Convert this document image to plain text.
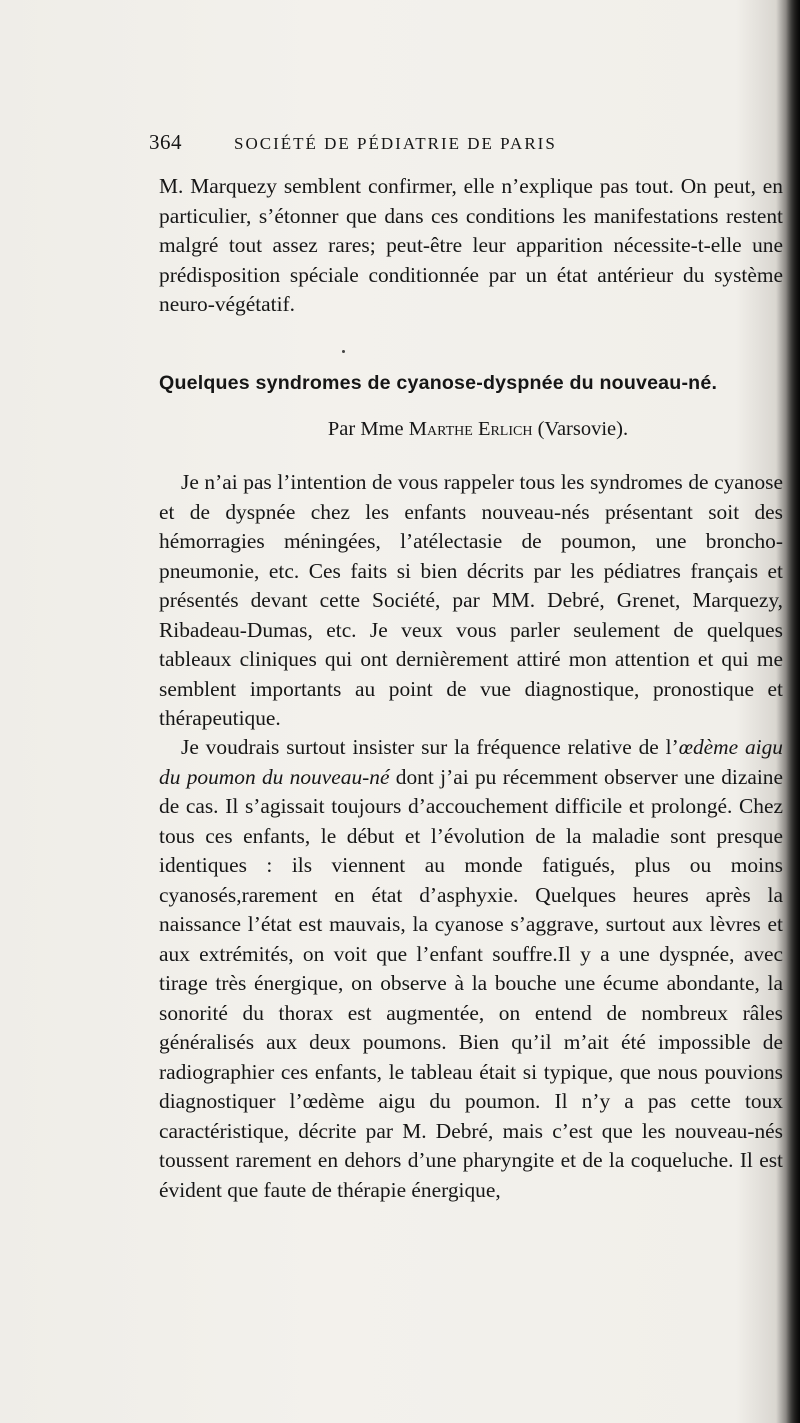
364	SOCIÉTÉ DE PÉDIATRIE DE PARIS

M. Marquezy semblent confirmer, elle n’explique pas tout. On peut, en particulier, s’étonner que dans ces conditions les manifestations restent malgré tout assez rares; peut-être leur apparition nécessite-t-elle une prédisposition spéciale conditionnée par un état antérieur du système neuro-végétatif.

Quelques syndromes de cyanose-dyspnée du nouveau-né.
Par Mme Marthe Erlich (Varsovie).

Je n’ai pas l’intention de vous rappeler tous les syndromes de cyanose et de dyspnée chez les enfants nouveau-nés présentant soit des hémorragies méningées, l’atélectasie de poumon, une broncho-pneumonie, etc. Ces faits si bien décrits par les pédiatres français et présentés devant cette Société, par MM. Debré, Grenet, Marquezy, Ribadeau-Dumas, etc. Je veux vous parler seulement de quelques tableaux cliniques qui ont dernièrement attiré mon attention et qui me semblent importants au point de vue diagnostique, pronostique et thérapeutique.

Je voudrais surtout insister sur la fréquence relative de l’œdème aigu du poumon du nouveau-né dont j’ai pu récemment observer une dizaine de cas. Il s’agissait toujours d’accouchement difficile et prolongé. Chez tous ces enfants, le début et l’évolution de la maladie sont presque identiques : ils viennent au monde fatigués, plus ou moins cyanosés,rarement en état d’asphyxie. Quelques heures après la naissance l’état est mauvais, la cyanose s’aggrave, surtout aux lèvres et aux extrémités, on voit que l’enfant souffre.Il y a une dyspnée, avec tirage très énergique, on observe à la bouche une écume abondante, la sonorité du thorax est augmentée, on entend de nombreux râles généralisés aux deux poumons. Bien qu’il m’ait été impossible de radiographier ces enfants, le tableau était si typique, que nous pouvions diagnostiquer l’œdème aigu du poumon. Il n’y a pas cette toux caractéristique, décrite par M. Debré, mais c’est que les nouveau-nés toussent rarement en dehors d’une pharyngite et de la coqueluche. Il est évident que faute de thérapie énergique,
